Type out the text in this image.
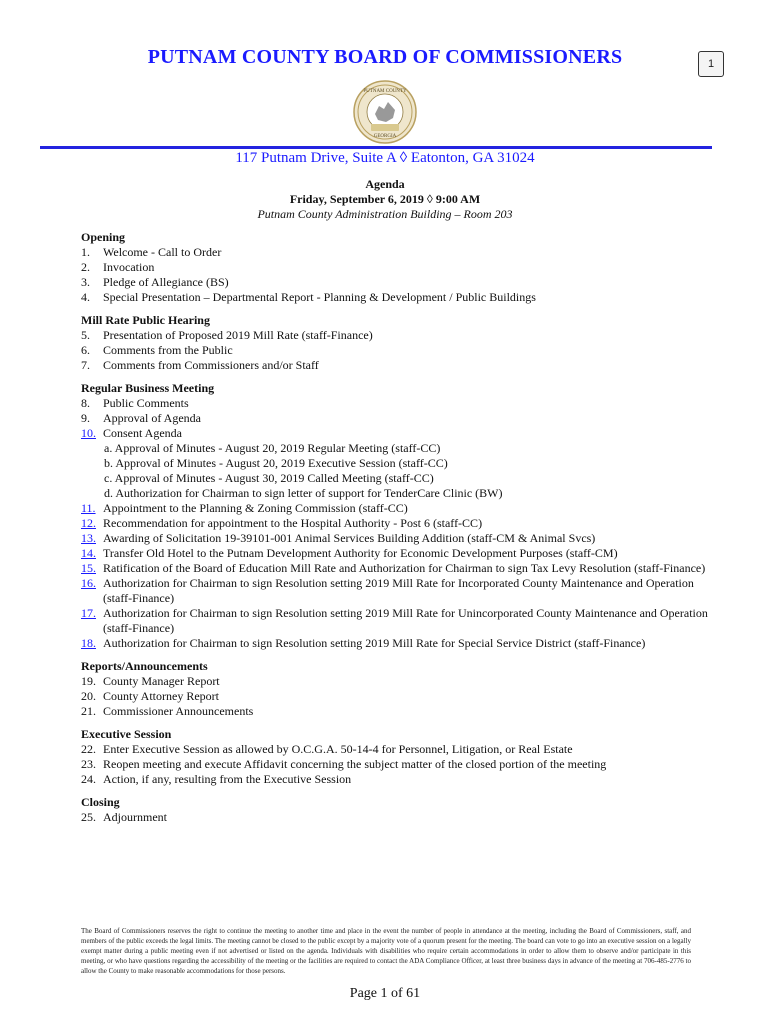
PUTNAM COUNTY BOARD OF COMMISSIONERS	1
PUTNAM COUNTY
GEORGIA
117 Putnam Drive, Suite A ◊ Eatonton, GA 31024
Agenda
Friday, September 6, 2019 ◊ 9:00 AM
Putnam County Administration Building – Room 203
Opening
1.	Welcome - Call to Order
2.	Invocation
3.	Pledge of Allegiance (BS)
4.	Special Presentation – Departmental Report - Planning & Development / Public Buildings
Mill Rate Public Hearing
5.	Presentation of Proposed 2019 Mill Rate (staff-Finance)
6.	Comments from the Public
7.	Comments from Commissioners and/or Staff
Regular Business Meeting
8.	Public Comments
9.	Approval of Agenda
10. Consent Agenda
a. Approval of Minutes - August 20, 2019 Regular Meeting (staff-CC)
b. Approval of Minutes - August 20, 2019 Executive Session (staff-CC)
c. Approval of Minutes - August 30, 2019 Called Meeting (staff-CC)
d. Authorization for Chairman to sign letter of support for TenderCare Clinic (BW)
11. Appointment to the Planning & Zoning Commission (staff-CC)
12. Recommendation for appointment to the Hospital Authority - Post 6 (staff-CC)
13. Awarding of Solicitation 19-39101-001 Animal Services Building Addition (staff-CM & Animal Svcs)
14. Transfer Old Hotel to the Putnam Development Authority for Economic Development Purposes (staff-CM)
15. Ratification of the Board of Education Mill Rate and Authorization for Chairman to sign Tax Levy Resolution (staff-Finance)
16. Authorization for Chairman to sign Resolution setting 2019 Mill Rate for Incorporated County Maintenance and Operation (staff-Finance)
17. Authorization for Chairman to sign Resolution setting 2019 Mill Rate for Unincorporated County Maintenance and Operation (staff-Finance)
18. Authorization for Chairman to sign Resolution setting 2019 Mill Rate for Special Service District (staff-Finance)
Reports/Announcements
19. County Manager Report
20. County Attorney Report
21. Commissioner Announcements
Executive Session
22. Enter Executive Session as allowed by O.C.G.A. 50-14-4 for Personnel, Litigation, or Real Estate
23. Reopen meeting and execute Affidavit concerning the subject matter of the closed portion of the meeting
24. Action, if any, resulting from the Executive Session
Closing
25. Adjournment
The Board of Commissioners reserves the right to continue the meeting to another time and place in the event the number of people in attendance at the meeting, including the Board of Commissioners, staff, and members of the public exceeds the legal limits. The meeting cannot be closed to the public except by a majority vote of a quorum present for the meeting. The board can vote to go into an executive session on a legally exempt matter during a public meeting even if not advertised or listed on the agenda. Individuals with disabilities who require certain accommodations in order to allow them to observe and/or participate in this meeting, or who have questions regarding the accessibility of the meeting or the facilities are required to contact the ADA Compliance Officer, at least three business days in advance of the meeting at 706-485-2776 to allow the County to make reasonable accommodations for those persons.
Page 1 of 61
